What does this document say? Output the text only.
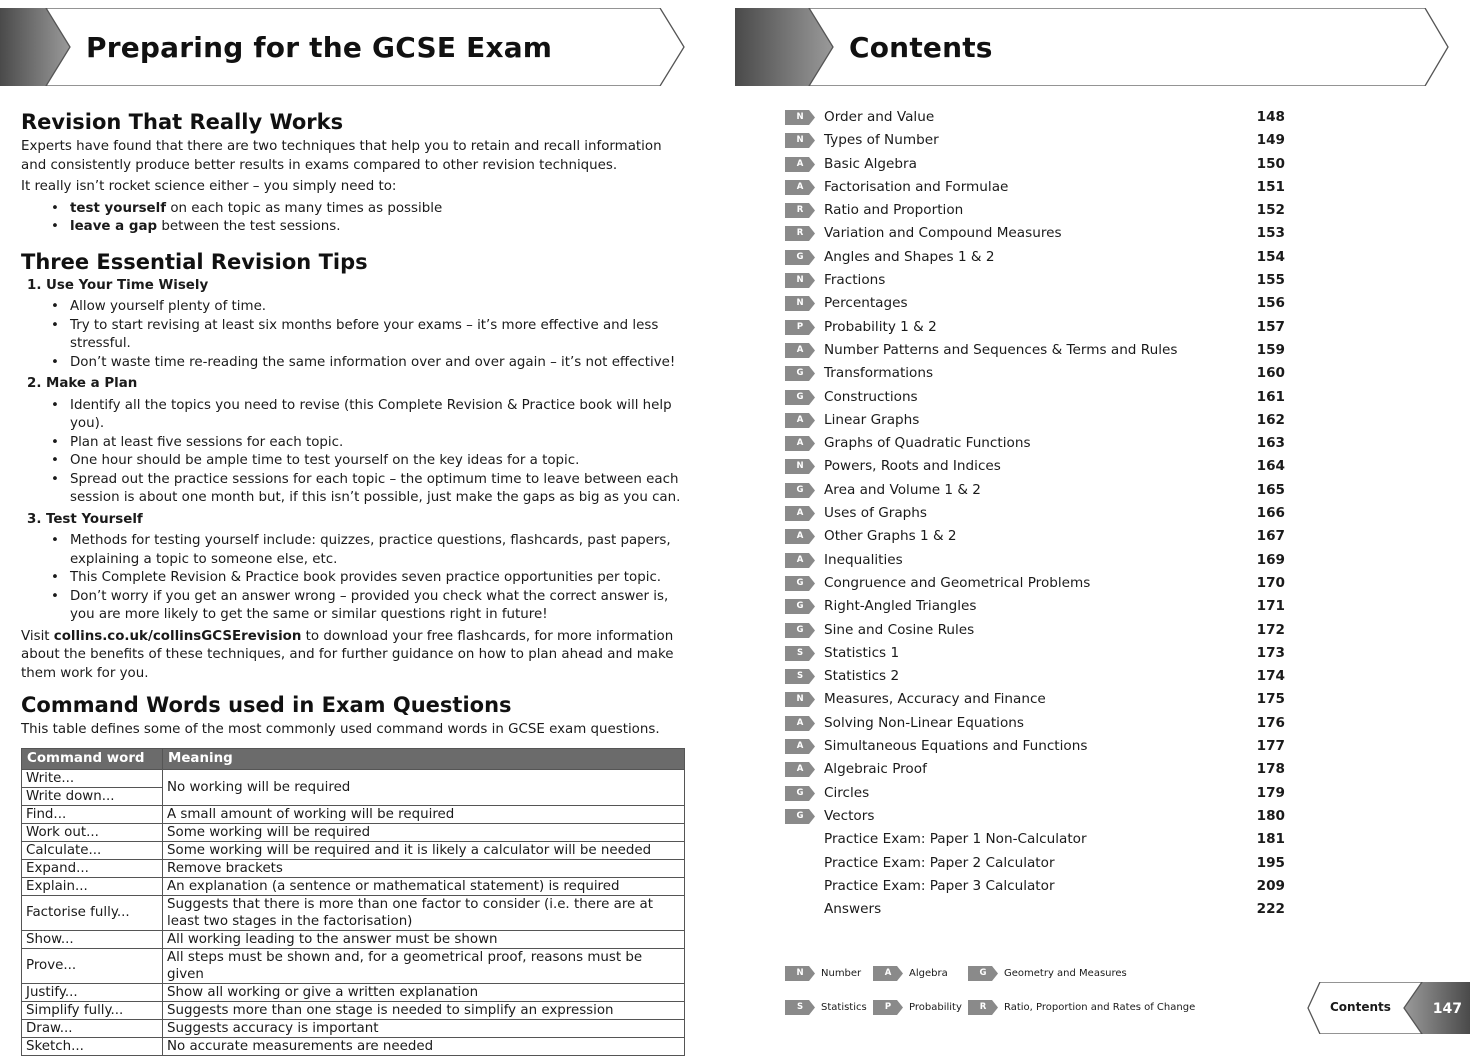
Preparing for the GCSE Exam
Revision That Really Works

Experts have found that there are two techniques that help you to retain and recall information and consistently produce better results in exams compared to other revision techniques.

It really isn’t rocket science either – you simply need to:

• test yourself on each topic as many times as possible
• leave a gap between the test sessions.
Three Essential Revision Tips
1. Use Your Time Wisely
• Allow yourself plenty of time.
• Try to start revising at least six months before your exams – it’s more effective and less stressful.
• Don’t waste time re-reading the same information over and over again – it’s not effective!
2. Make a Plan
• Identify all the topics you need to revise (this Complete Revision & Practice book will help you).
• Plan at least five sessions for each topic.
• One hour should be ample time to test yourself on the key ideas for a topic.
• Spread out the practice sessions for each topic – the optimum time to leave between each session is about one month but, if this isn’t possible, just make the gaps as big as you can.
3. Test Yourself
• Methods for testing yourself include: quizzes, practice questions, flashcards, past papers, explaining a topic to someone else, etc.
• This Complete Revision & Practice book provides seven practice opportunities per topic.
• Don’t worry if you get an answer wrong – provided you check what the correct answer is, you are more likely to get the same or similar questions right in future!

Visit collins.co.uk/collinsGCSErevision to download your free flashcards, for more information about the benefits of these techniques, and for further guidance on how to plan ahead and make them work for you.

Command Words used in Exam Questions

This table defines some of the most commonly used command words in GCSE exam questions.

Command word	Meaning
Write...	No working will be required
Write down...	
Find...	A small amount of working will be required
Work out...	Some working will be required
Calculate...	Some working will be required and it is likely a calculator will be needed
Expand...	Remove brackets
Explain...	An explanation (a sentence or mathematical statement) is required
Factorise fully...	Suggests that there is more than one factor to consider (i.e. there are at least two stages in the factorisation)
Show...	All working leading to the answer must be shown
Prove...	All steps must be shown and, for a geometrical proof, reasons must be given
Justify...	Show all working or give a written explanation
Simplify fully...	Suggests more than one stage is needed to simplify an expression
Draw...	Suggests accuracy is important
Sketch...	No accurate measurements are needed
Contents
N	Order and Value	148
N	Types of Number	149
A	Basic Algebra	150
A	Factorisation and Formulae	151
R	Ratio and Proportion	152
R	Variation and Compound Measures	153
G	Angles and Shapes 1 & 2	154
N	Fractions	155
N	Percentages	156
P	Probability 1 & 2	157
A	Number Patterns and Sequences & Terms and Rules	159
G	Transformations	160
G	Constructions	161
A	Linear Graphs	162
A	Graphs of Quadratic Functions	163
N	Powers, Roots and Indices	164
G	Area and Volume 1 & 2	165
A	Uses of Graphs	166
A	Other Graphs 1 & 2	167
A	Inequalities	169
G	Congruence and Geometrical Problems	170
G	Right-Angled Triangles	171
G	Sine and Cosine Rules	172
S	Statistics 1	173
S	Statistics 2	174
N	Measures, Accuracy and Finance	175
A	Solving Non-Linear Equations	176
A	Simultaneous Equations and Functions	177
A	Algebraic Proof	178
G	Circles	179
G	Vectors	180
Practice Exam: Paper 1 Non-Calculator	181
Practice Exam: Paper 2 Calculator	195
Practice Exam: Paper 3 Calculator	209
Answers	222
N	Number	A	Algebra	G	Geometry and Measures
S	Statistics	P	Probability	R	Ratio, Proportion and Rates of Change	Contents	147
